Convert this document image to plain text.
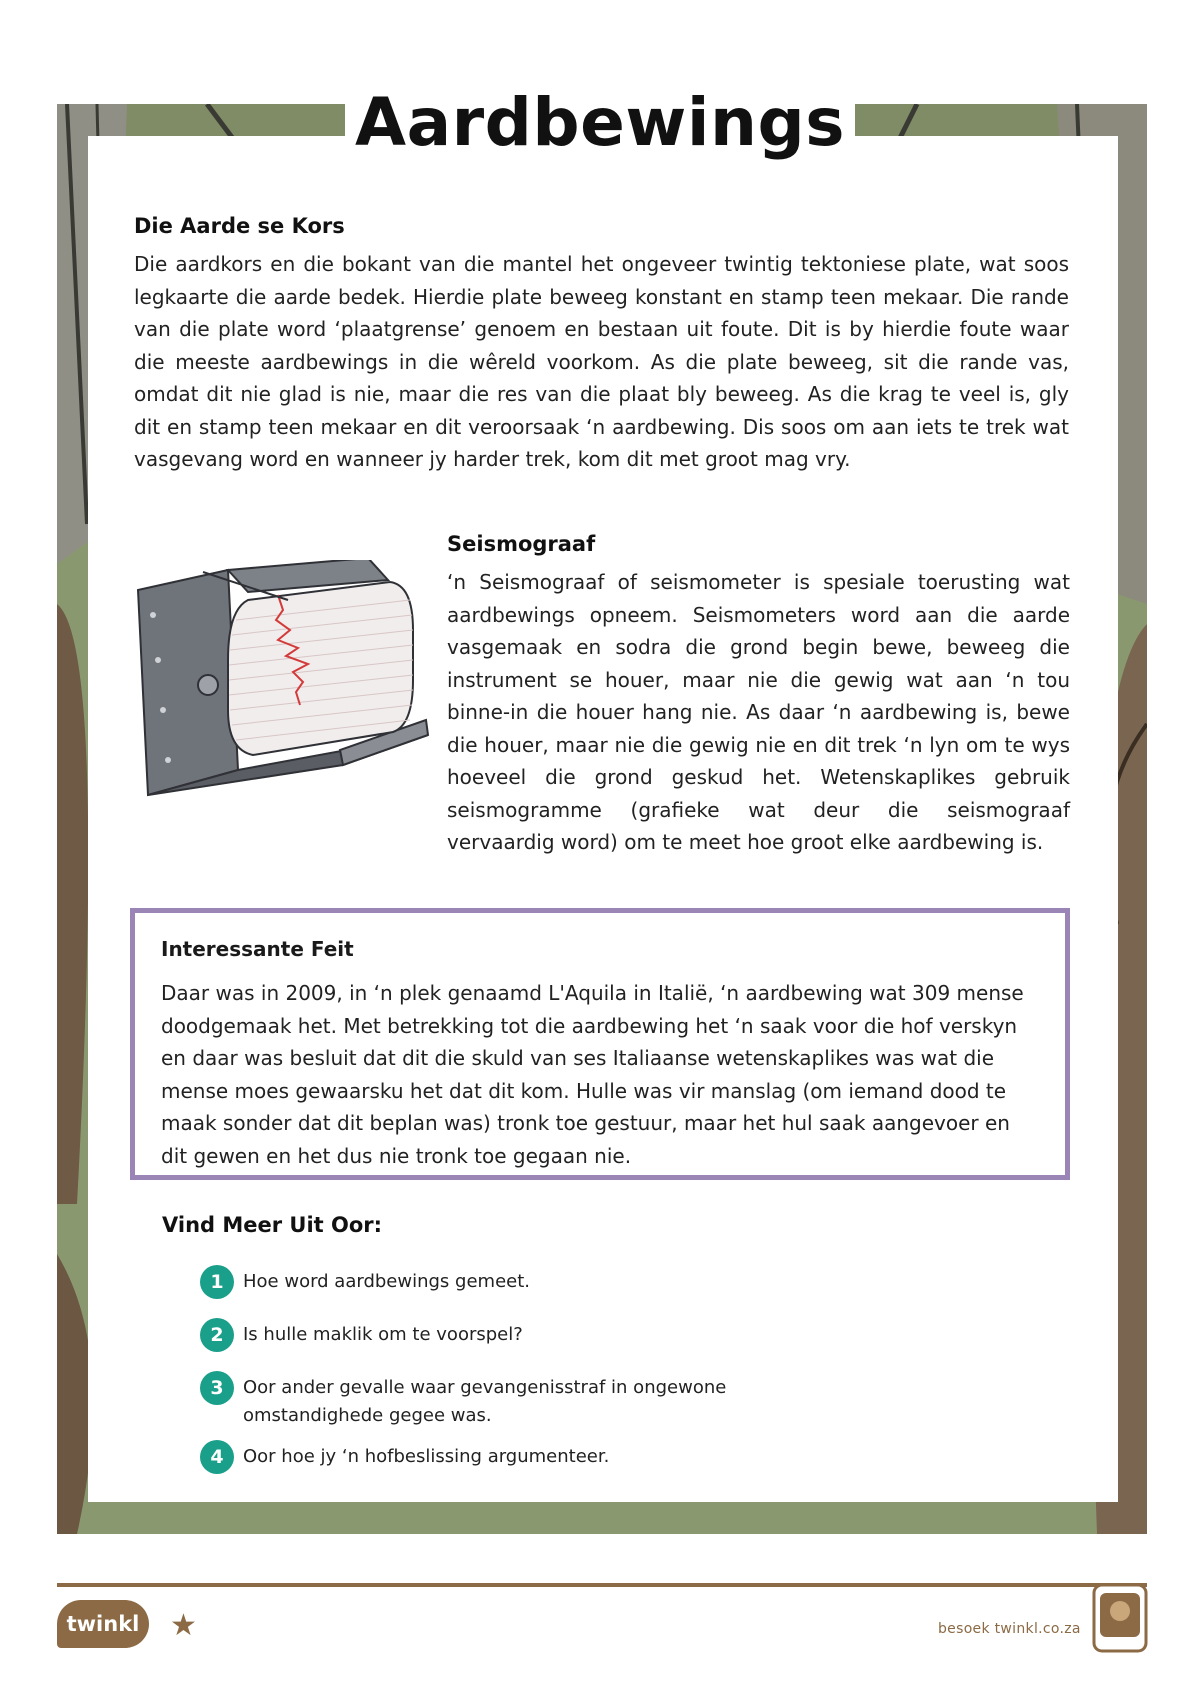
Aardbewings
Die Aarde se Kors

Die aardkors en die bokant van die mantel het ongeveer twintig tektoniese plate, wat soos legkaarte die aarde bedek. Hierdie plate beweeg konstant en stamp teen mekaar. Die rande van die plate word ‘plaatgrense’ genoem en bestaan uit foute. Dit is by hierdie foute waar die meeste aardbewings in die wêreld voorkom. As die plate beweeg, sit die rande vas, omdat dit nie glad is nie, maar die res van die plaat bly beweeg. As die krag te veel is, gly dit en stamp teen mekaar en dit veroorsaak ‘n aardbewing. Dis soos om aan iets te trek wat vasgevang word en wanneer jy harder trek, kom dit met groot mag vry.

Seismograaf

‘n Seismograaf of seismometer is spesiale toerusting wat aardbewings opneem. Seismometers word aan die aarde vasgemaak en sodra die grond begin bewe, beweeg die instrument se houer, maar nie die gewig wat aan ‘n tou binne-in die houer hang nie. As daar ‘n aardbewing is, bewe die houer, maar nie die gewig nie en dit trek ‘n lyn om te wys hoeveel die grond geskud het. Wetenskaplikes gebruik seismogramme (grafieke wat deur die seismograaf vervaardig word) om te meet hoe groot elke aardbewing is.

Interessante Feit

Daar was in 2009, in ‘n plek genaamd L'Aquila in Italië, ‘n aardbewing wat 309 mense doodgemaak het. Met betrekking tot die aardbewing het ‘n saak voor die hof verskyn en daar was besluit dat dit die skuld van ses Italiaanse wetenskaplikes was wat die mense moes gewaarsku het dat dit kom. Hulle was vir manslag (om iemand dood te maak sonder dat dit beplan was) tronk toe gestuur, maar het hul saak aangevoer en dit gewen en het dus nie tronk toe gegaan nie.

Vind Meer Uit Oor:
1	Hoe word aardbewings gemeet.
2	Is hulle maklik om te voorspel?
3	Oor ander gevalle waar gevangenisstraf in ongewone omstandighede gegee was.
4	Oor hoe jy ‘n hofbeslissing argumenteer.
twinkl	★	besoek twinkl.co.za
